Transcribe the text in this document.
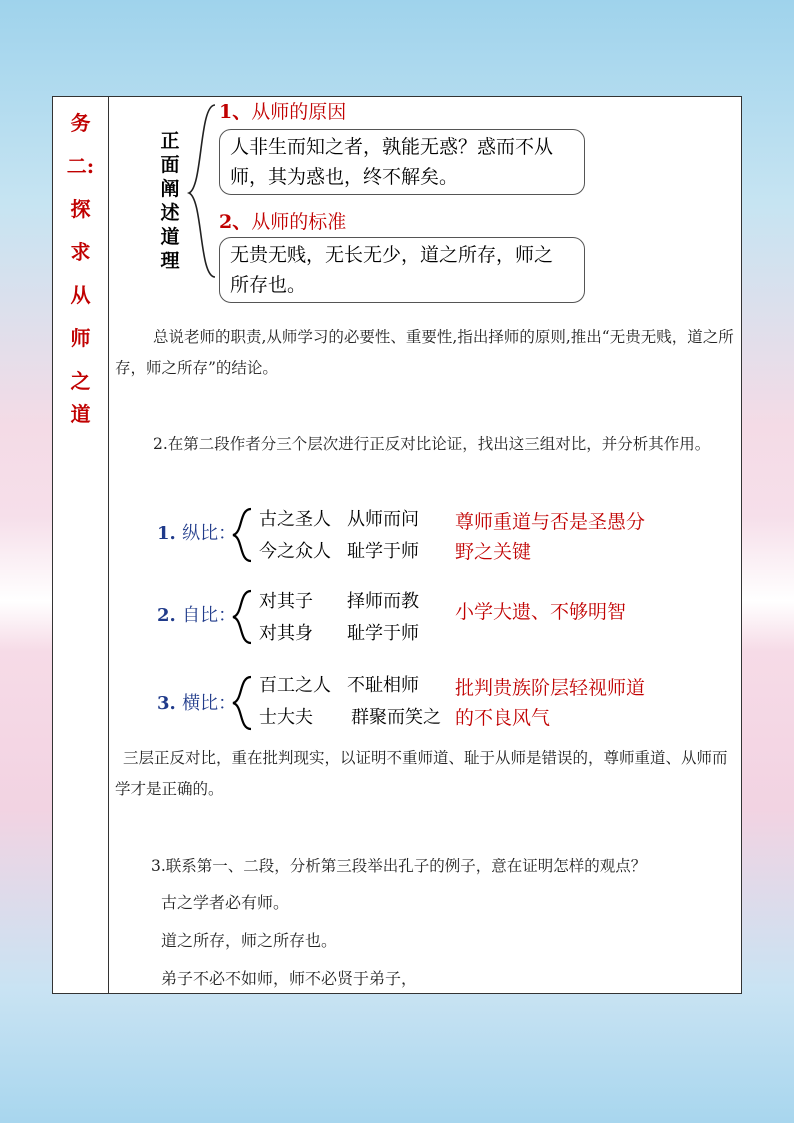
务
二:
探
求
从
师
之
道
正
面
阐
述
道
理
1、从师的原因
人非生而知之者，孰能无惑？惑而不从
师，其为惑也，终不解矣。
2、从师的标准
无贵无贱，无长无少，道之所存，师之
所存也。
总说老师的职责,从师学习的必要性、重要性,指出择师的原则,推出“无贵无贱，道之所存，师之所存”的结论。
2.在第二段作者分三个层次进行正反对比论证，找出这三组对比，并分析其作用。
1. 纵比：
古之圣人 从师而问
今之众人 耻学于师
尊师重道与否是圣愚分
野之关键
2. 自比：
对其子 择师而教
对其身 耻学于师
小学大遗、不够明智
3. 横比：
百工之人 不耻相师
士大夫 群聚而笑之
批判贵族阶层轻视师道
的不良风气
三层正反对比，重在批判现实，以证明不重师道、耻于从师是错误的，尊师重道、从师而学才是正确的。
3.联系第一、二段，分析第三段举出孔子的例子，意在证明怎样的观点？
古之学者必有师。
道之所存，师之所存也。
弟子不必不如师，师不必贤于弟子，
